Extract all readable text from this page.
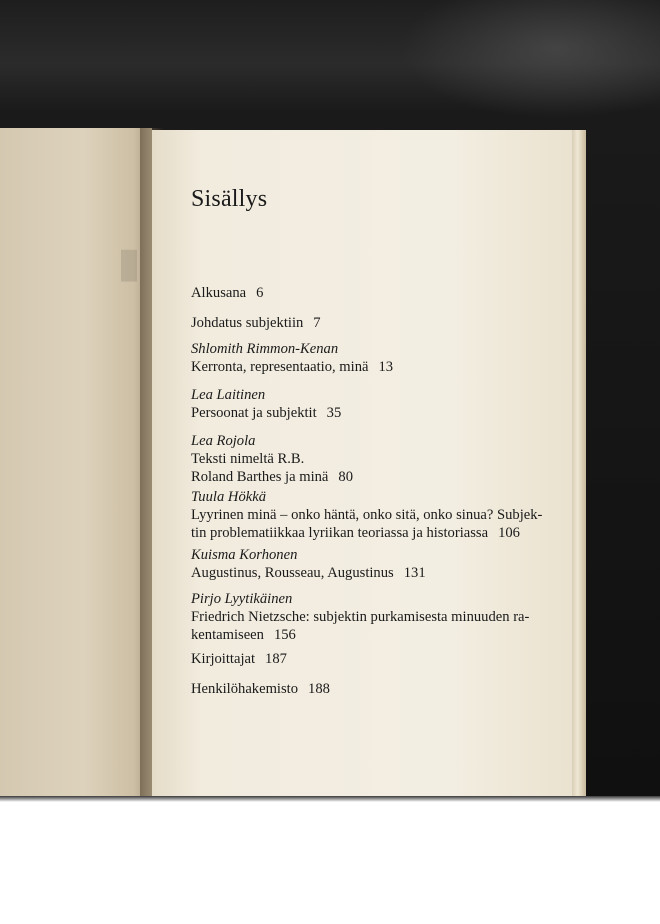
▮
Sisällys
Alkusana 6
Johdatus subjektiin 7
Shlomith Rimmon-Kenan
Kerronta, representaatio, minä 13
Lea Laitinen
Persoonat ja subjektit 35
Lea Rojola
Teksti nimeltä R.B.
Roland Barthes ja minä 80
Tuula Hökkä
Lyyrinen minä – onko häntä, onko sitä, onko sinua? Subjek-
tin problematiikkaa lyriikan teoriassa ja historiassa 106
Kuisma Korhonen
Augustinus, Rousseau, Augustinus 131
Pirjo Lyytikäinen
Friedrich Nietzsche: subjektin purkamisesta minuuden ra-
kentamiseen 156
Kirjoittajat 187
Henkilöhakemisto 188
